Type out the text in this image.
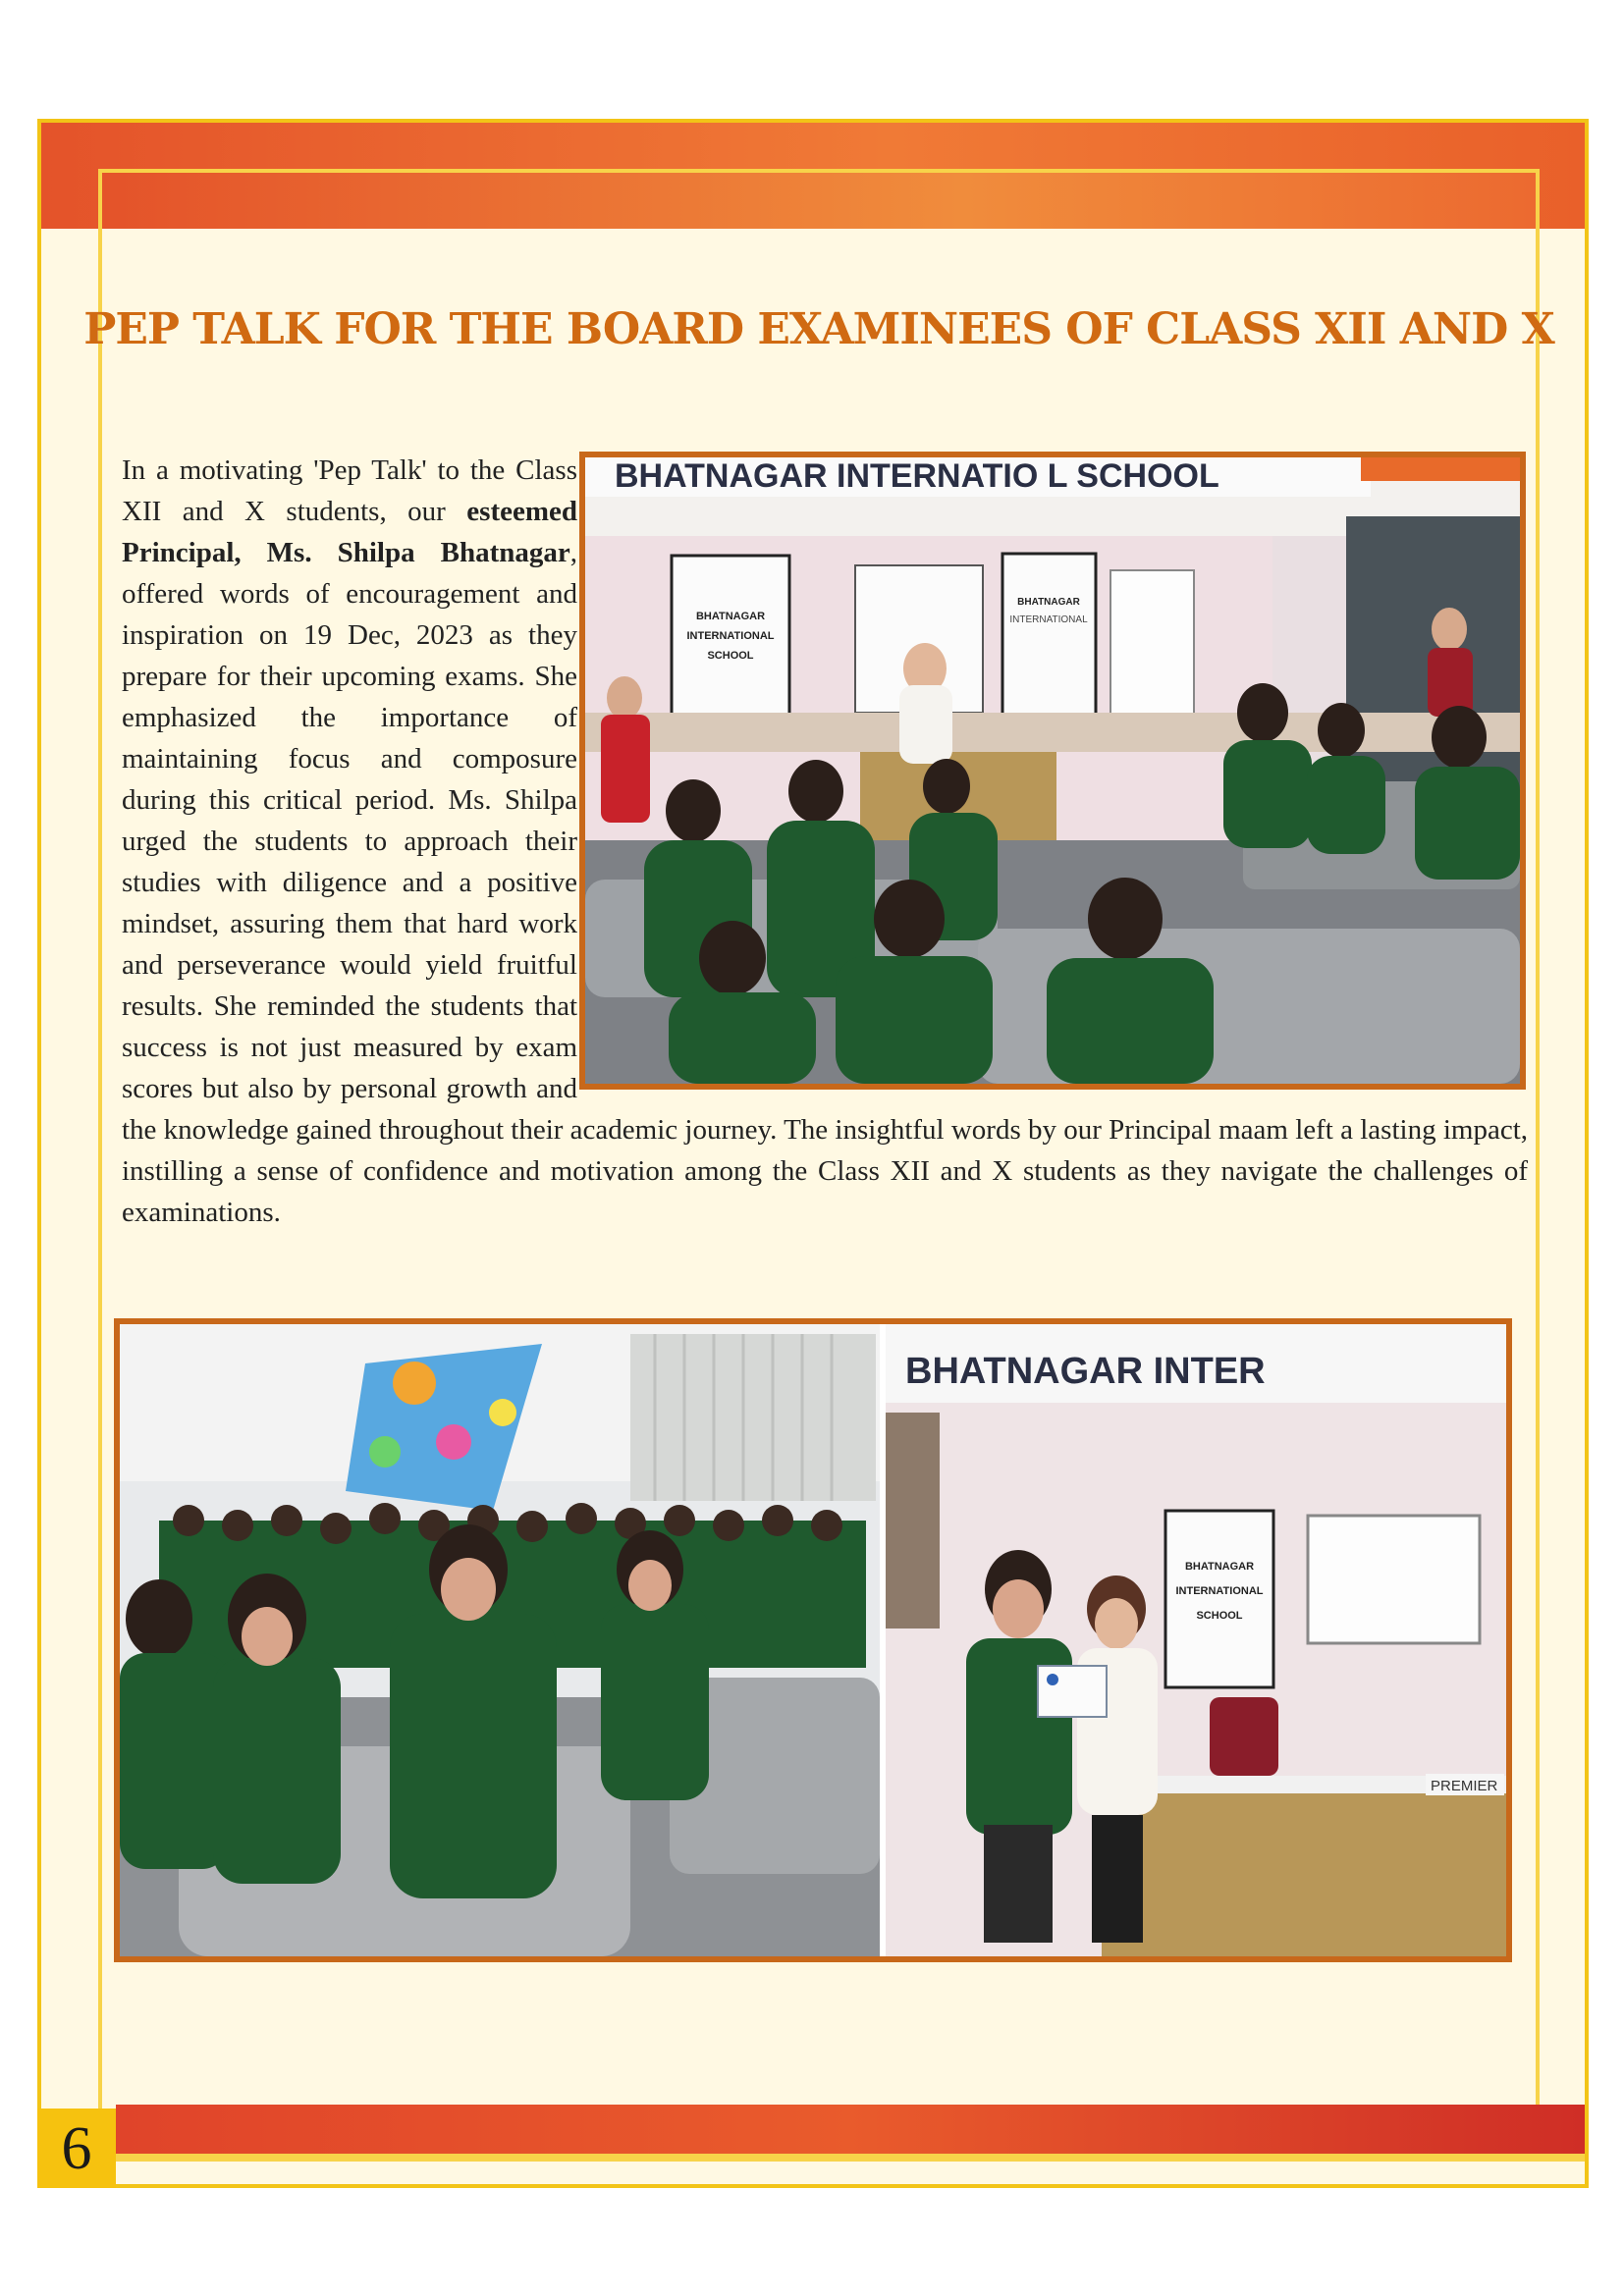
6
PEP TALK FOR THE BOARD EXAMINEES OF CLASS XII AND X
In a motivating 'Pep Talk' to the Class XII and X students, our esteemed Principal, Ms. Shilpa Bhatnagar, offered words of encouragement and inspiration on 19 Dec, 2023 as they prepare for their upcoming exams. She emphasized the importance of maintaining focus and composure during this critical period. Ms. Shilpa urged the students to approach their studies with diligence and a positive mindset, assuring them that hard work and perseverance would yield fruitful results. She reminded the students that success is not just measured by exam scores but also by personal growth and the knowledge gained throughout their academic journey. The insightful words by our Principal maam left a lasting impact, instilling a sense of confidence and motivation among the Class XII and X students as they navigate the challenges of examinations.
BHATNAGAR INTERNATIO L SCHOOL
BHATNAGAR
INTERNATIONAL
SCHOOL
BHATNAGAR
INTERNATIONAL
BHATNAGAR INTER
BHATNAGAR
INTERNATIONAL
SCHOOL
PREMIER
